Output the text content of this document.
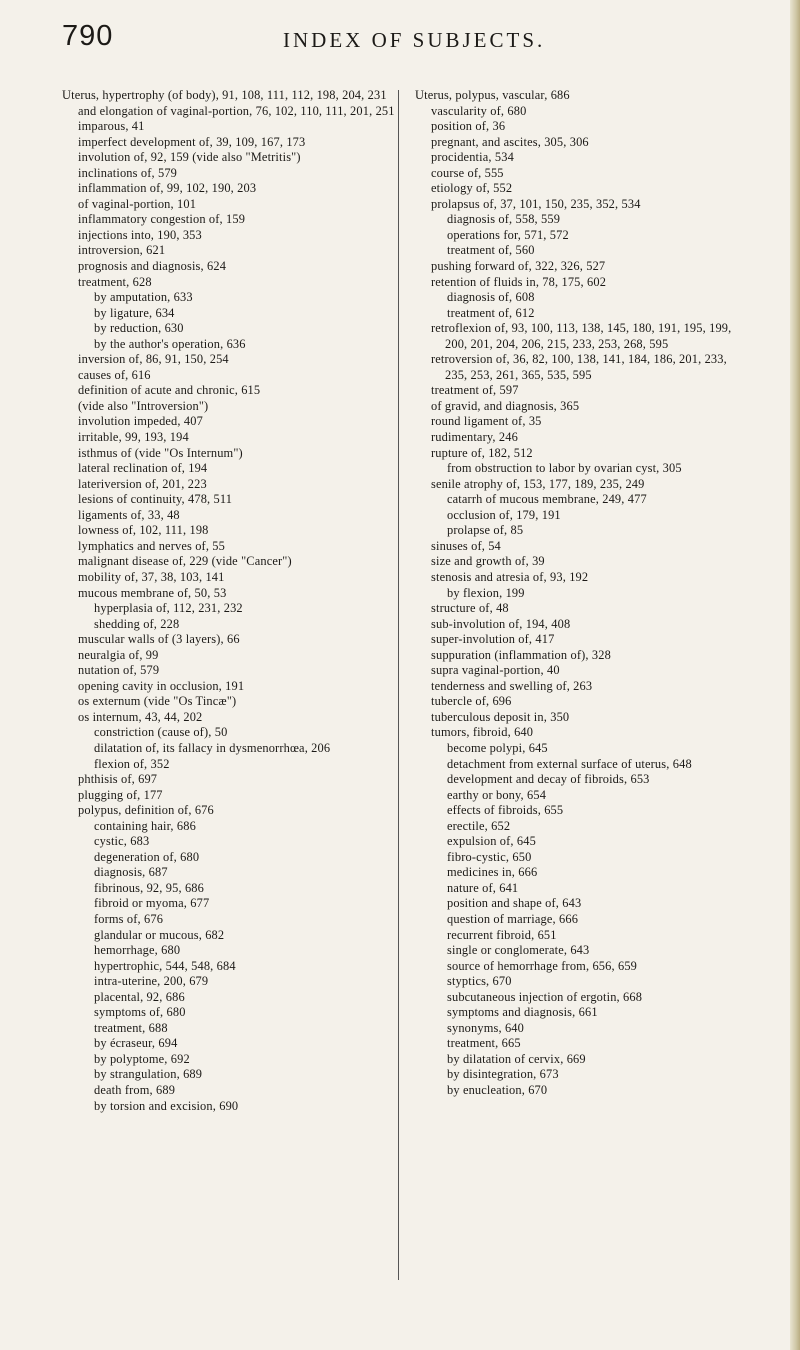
790	INDEX OF SUBJECTS.
Uterus, hypertrophy (of body), 91, 108, 111, 112, 198, 204, 231
and elongation of vaginal-portion, 76, 102, 110, 111, 201, 251
imparous, 41
imperfect development of, 39, 109, 167, 173
involution of, 92, 159 (vide also "Metritis")
inclinations of, 579
inflammation of, 99, 102, 190, 203
of vaginal-portion, 101
inflammatory congestion of, 159
injections into, 190, 353
introversion, 621
prognosis and diagnosis, 624
treatment, 628
by amputation, 633
by ligature, 634
by reduction, 630
by the author's operation, 636
inversion of, 86, 91, 150, 254
causes of, 616
definition of acute and chronic, 615
(vide also "Introversion")
involution impeded, 407
irritable, 99, 193, 194
isthmus of (vide "Os Internum")
lateral reclination of, 194
lateriversion of, 201, 223
lesions of continuity, 478, 511
ligaments of, 33, 48
lowness of, 102, 111, 198
lymphatics and nerves of, 55
malignant disease of, 229 (vide "Cancer")
mobility of, 37, 38, 103, 141
mucous membrane of, 50, 53
hyperplasia of, 112, 231, 232
shedding of, 228
muscular walls of (3 layers), 66
neuralgia of, 99
nutation of, 579
opening cavity in occlusion, 191
os externum (vide "Os Tincæ")
os internum, 43, 44, 202
constriction (cause of), 50
dilatation of, its fallacy in dysmenorrhœa, 206
flexion of, 352
phthisis of, 697
plugging of, 177
polypus, definition of, 676
containing hair, 686
cystic, 683
degeneration of, 680
diagnosis, 687
fibrinous, 92, 95, 686
fibroid or myoma, 677
forms of, 676
glandular or mucous, 682
hemorrhage, 680
hypertrophic, 544, 548, 684
intra-uterine, 200, 679
placental, 92, 686
symptoms of, 680
treatment, 688
by écraseur, 694
by polyptome, 692
by strangulation, 689
death from, 689
by torsion and excision, 690
Uterus, polypus, vascular, 686
vascularity of, 680
position of, 36
pregnant, and ascites, 305, 306
procidentia, 534
course of, 555
etiology of, 552
prolapsus of, 37, 101, 150, 235, 352, 534
diagnosis of, 558, 559
operations for, 571, 572
treatment of, 560
pushing forward of, 322, 326, 527
retention of fluids in, 78, 175, 602
diagnosis of, 608
treatment of, 612
retroflexion of, 93, 100, 113, 138, 145, 180, 191, 195, 199, 200, 201, 204, 206, 215, 233, 253, 268, 595
retroversion of, 36, 82, 100, 138, 141, 184, 186, 201, 233, 235, 253, 261, 365, 535, 595
treatment of, 597
of gravid, and diagnosis, 365
round ligament of, 35
rudimentary, 246
rupture of, 182, 512
from obstruction to labor by ovarian cyst, 305
senile atrophy of, 153, 177, 189, 235, 249
catarrh of mucous membrane, 249, 477
occlusion of, 179, 191
prolapse of, 85
sinuses of, 54
size and growth of, 39
stenosis and atresia of, 93, 192
by flexion, 199
structure of, 48
sub-involution of, 194, 408
super-involution of, 417
suppuration (inflammation of), 328
supra vaginal-portion, 40
tenderness and swelling of, 263
tubercle of, 696
tuberculous deposit in, 350
tumors, fibroid, 640
become polypi, 645
detachment from external surface of uterus, 648
development and decay of fibroids, 653
earthy or bony, 654
effects of fibroids, 655
erectile, 652
expulsion of, 645
fibro-cystic, 650
medicines in, 666
nature of, 641
position and shape of, 643
question of marriage, 666
recurrent fibroid, 651
single or conglomerate, 643
source of hemorrhage from, 656, 659
styptics, 670
subcutaneous injection of ergotin, 668
symptoms and diagnosis, 661
synonyms, 640
treatment, 665
by dilatation of cervix, 669
by disintegration, 673
by enucleation, 670
